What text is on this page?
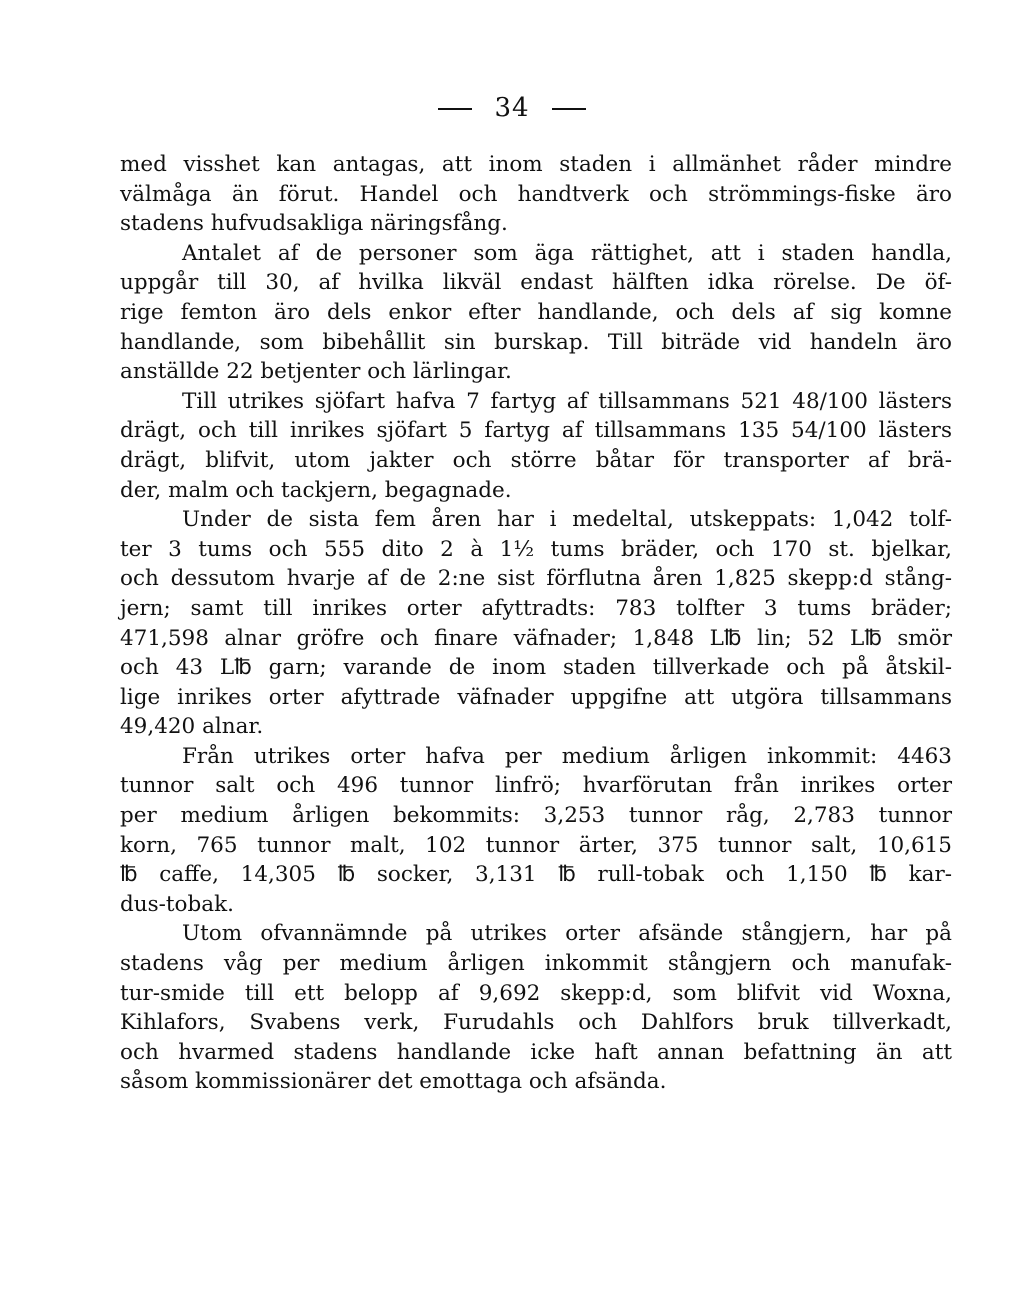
34
med visshet kan antagas, att inom staden i allmänhet råder mindre
välmåga än förut. Handel och handtverk och strömmings-fiske äro
stadens hufvudsakliga näringsfång.
Antalet af de personer som äga rättighet, att i staden handla,
uppgår till 30, af hvilka likväl endast hälften idka rörelse. De öf-
rige femton äro dels enkor efter handlande, och dels af sig komne
handlande, som bibehållit sin burskap. Till biträde vid handeln äro
anställde 22 betjenter och lärlingar.
Till utrikes sjöfart hafva 7 fartyg af tillsammans 521 48/100 lästers
drägt, och till inrikes sjöfart 5 fartyg af tillsammans 135 54/100 lästers
drägt, blifvit, utom jakter och större båtar för transporter af brä-
der, malm och tackjern, begagnade.
Under de sista fem åren har i medeltal, utskeppats: 1,042 tolf-
ter 3 tums och 555 dito 2 à 1½ tums bräder, och 170 st. bjelkar,
och dessutom hvarje af de 2:ne sist förflutna åren 1,825 skepp:d stång-
jern; samt till inrikes orter afyttradts: 783 tolfter 3 tums bräder;
471,598 alnar gröfre och finare väfnader; 1,848 L℔ lin; 52 L℔ smör
och 43 L℔ garn; varande de inom staden tillverkade och på åtskil-
lige inrikes orter afyttrade väfnader uppgifne att utgöra tillsammans
49,420 alnar.
Från utrikes orter hafva per medium årligen inkommit: 4463
tunnor salt och 496 tunnor linfrö; hvarförutan från inrikes orter
per medium årligen bekommits: 3,253 tunnor råg, 2,783 tunnor
korn, 765 tunnor malt, 102 tunnor ärter, 375 tunnor salt, 10,615
℔ caffe, 14,305 ℔ socker, 3,131 ℔ rull-tobak och 1,150 ℔ kar-
dus-tobak.
Utom ofvannämnde på utrikes orter afsände stångjern, har på
stadens våg per medium årligen inkommit stångjern och manufak-
tur-smide till ett belopp af 9,692 skepp:d, som blifvit vid Woxna,
Kihlafors, Svabens verk, Furudahls och Dahlfors bruk tillverkadt,
och hvarmed stadens handlande icke haft annan befattning än att
såsom kommissionärer det emottaga och afsända.
